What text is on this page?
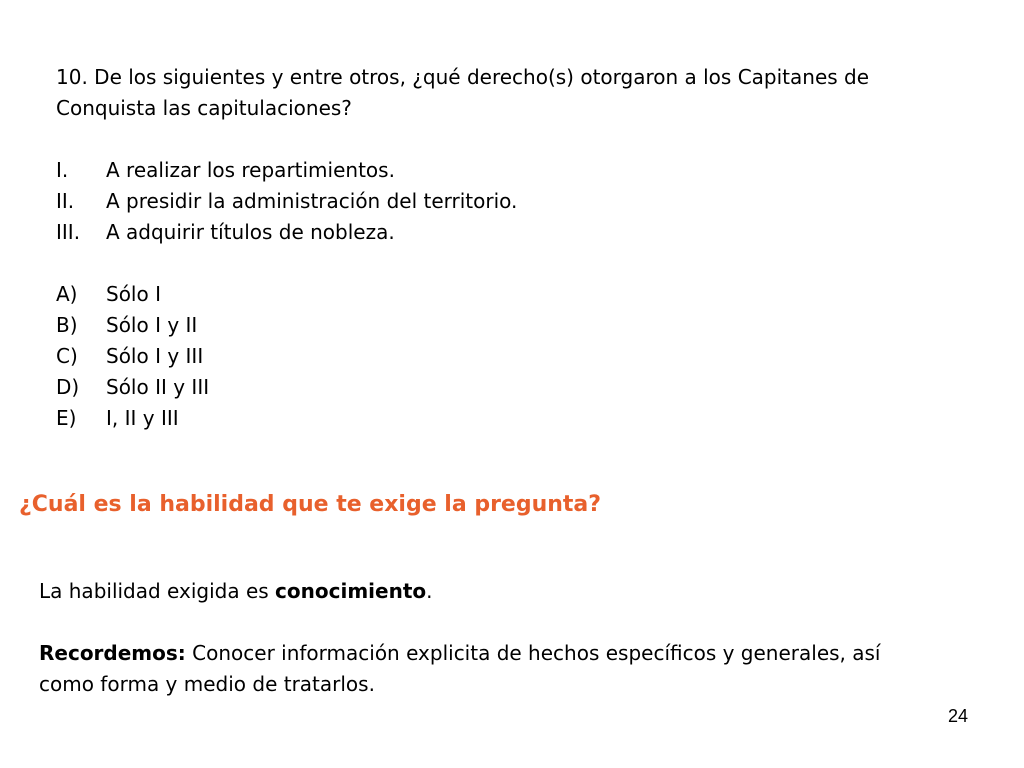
10. De los siguientes y entre otros, ¿qué derecho(s) otorgaron a los Capitanes de Conquista las capitulaciones?

I.	A realizar los repartimientos.
II.	A presidir la administración del territorio.
III.	A adquirir títulos de nobleza.
A)	Sólo I
B)	Sólo I y II
C)	Sólo I y III
D)	Sólo II y III
E)	I, II y III
¿Cuál es la habilidad que te exige la pregunta?

La habilidad exigida es conocimiento.

Recordemos: Conocer información explicita de hechos específicos y generales, así como forma y medio de tratarlos.

24
